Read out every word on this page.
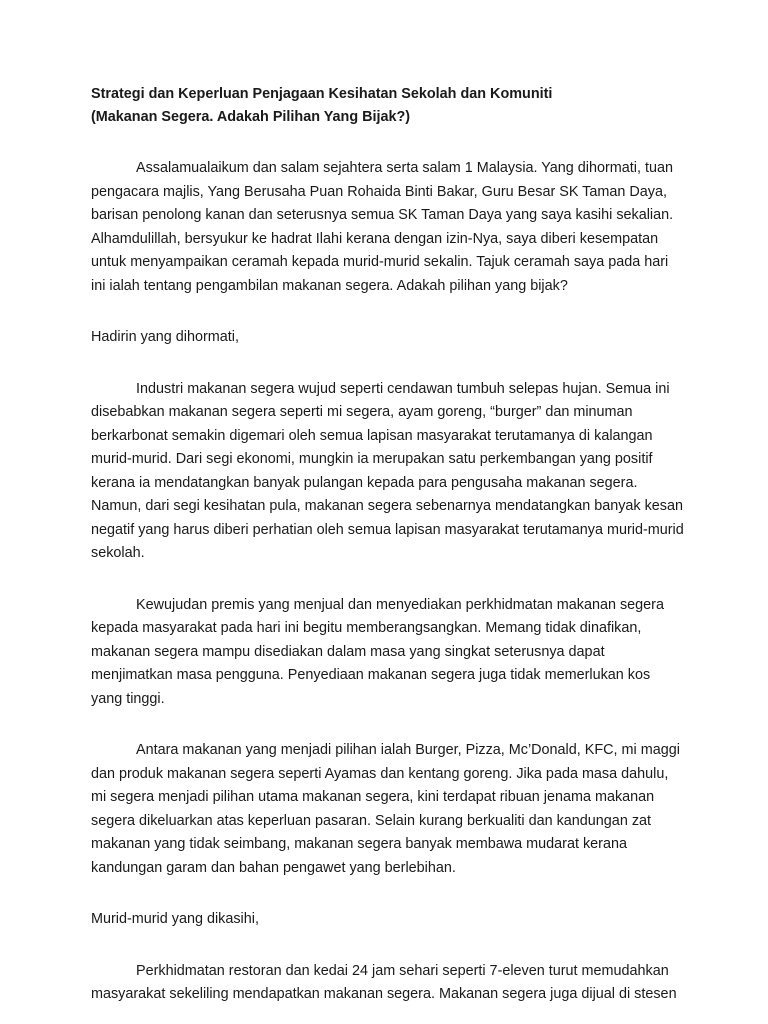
Strategi dan Keperluan Penjagaan Kesihatan Sekolah dan Komuniti

(Makanan Segera. Adakah Pilihan Yang Bijak?)

Assalamualaikum dan salam sejahtera serta salam 1 Malaysia. Yang dihormati, tuan
pengacara majlis, Yang Berusaha Puan Rohaida Binti Bakar, Guru Besar SK Taman Daya,
barisan penolong kanan dan seterusnya semua SK Taman Daya yang saya kasihi sekalian.
Alhamdulillah, bersyukur ke hadrat Ilahi kerana dengan izin-Nya, saya diberi kesempatan
untuk menyampaikan ceramah kepada murid-murid sekalin. Tajuk ceramah saya pada hari
ini ialah tentang pengambilan makanan segera. Adakah pilihan yang bijak?

Hadirin yang dihormati,

Industri makanan segera wujud seperti cendawan tumbuh selepas hujan. Semua ini
disebabkan makanan segera seperti mi segera, ayam goreng, “burger” dan minuman
berkarbonat semakin digemari oleh semua lapisan masyarakat terutamanya di kalangan
murid-murid. Dari segi ekonomi, mungkin ia merupakan satu perkembangan yang positif
kerana ia mendatangkan banyak pulangan kepada para pengusaha makanan segera.
Namun, dari segi kesihatan pula, makanan segera sebenarnya mendatangkan banyak kesan
negatif yang harus diberi perhatian oleh semua lapisan masyarakat terutamanya murid-murid
sekolah.
Kewujudan premis yang menjual dan menyediakan perkhidmatan makanan segera
kepada masyarakat pada hari ini begitu memberangsangkan. Memang tidak dinafikan,
makanan segera mampu disediakan dalam masa yang singkat seterusnya dapat
menjimatkan masa pengguna. Penyediaan makanan segera juga tidak memerlukan kos
yang tinggi.
Antara makanan yang menjadi pilihan ialah Burger, Pizza, Mc’Donald, KFC, mi maggi
dan produk makanan segera seperti Ayamas dan kentang goreng. Jika pada masa dahulu,
mi segera menjadi pilihan utama makanan segera, kini terdapat ribuan jenama makanan
segera dikeluarkan atas keperluan pasaran. Selain kurang berkualiti dan kandungan zat
makanan yang tidak seimbang, makanan segera banyak membawa mudarat kerana
kandungan garam dan bahan pengawet yang berlebihan.

Murid-murid yang dikasihi,

Perkhidmatan restoran dan kedai 24 jam sehari seperti 7-eleven turut memudahkan
masyarakat sekeliling mendapatkan makanan segera. Makanan segera juga dijual di stesen
